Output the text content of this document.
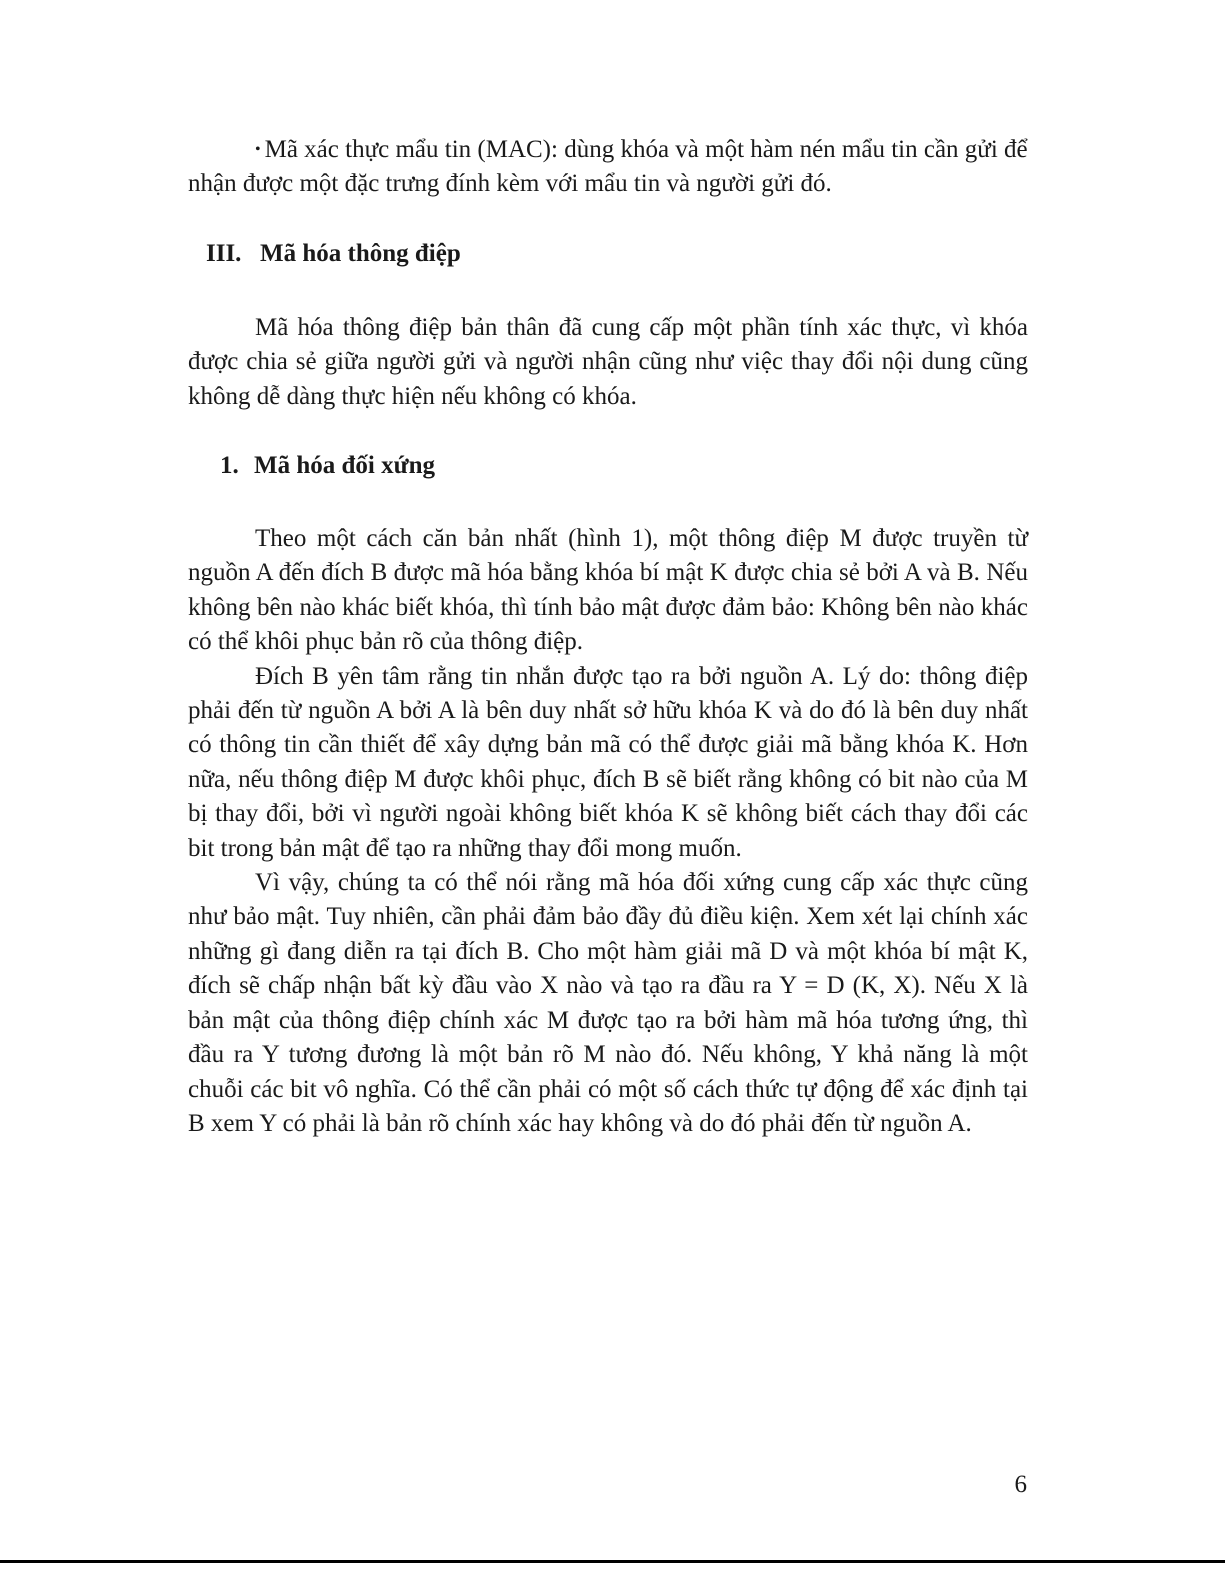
• Mã xác thực mẩu tin (MAC): dùng khóa và một hàm nén mẩu tin cần gửi để nhận được một đặc trưng đính kèm với mẩu tin và người gửi đó.

III. Mã hóa thông điệp

Mã hóa thông điệp bản thân đã cung cấp một phần tính xác thực, vì khóa được chia sẻ giữa người gửi và người nhận cũng như việc thay đổi nội dung cũng không dễ dàng thực hiện nếu không có khóa.

1. Mã hóa đối xứng

Theo một cách căn bản nhất (hình 1), một thông điệp M được truyền từ nguồn A đến đích B được mã hóa bằng khóa bí mật K được chia sẻ bởi A và B. Nếu không bên nào khác biết khóa, thì tính bảo mật được đảm bảo: Không bên nào khác có thể khôi phục bản rõ của thông điệp.

Đích B yên tâm rằng tin nhắn được tạo ra bởi nguồn A. Lý do: thông điệp phải đến từ nguồn A bởi A là bên duy nhất sở hữu khóa K và do đó là bên duy nhất có thông tin cần thiết để xây dựng bản mã có thể được giải mã bằng khóa K. Hơn nữa, nếu thông điệp M được khôi phục, đích B sẽ biết rằng không có bit nào của M bị thay đổi, bởi vì người ngoài không biết khóa K sẽ không biết cách thay đổi các bit trong bản mật để tạo ra những thay đổi mong muốn.

Vì vậy, chúng ta có thể nói rằng mã hóa đối xứng cung cấp xác thực cũng như bảo mật. Tuy nhiên, cần phải đảm bảo đầy đủ điều kiện. Xem xét lại chính xác những gì đang diễn ra tại đích B. Cho một hàm giải mã D và một khóa bí mật K, đích sẽ chấp nhận bất kỳ đầu vào X nào và tạo ra đầu ra Y = D (K, X). Nếu X là bản mật của thông điệp chính xác M được tạo ra bởi hàm mã hóa tương ứng, thì đầu ra Y tương đương là một bản rõ M nào đó. Nếu không, Y khả năng là một chuỗi các bit vô nghĩa. Có thể cần phải có một số cách thức tự động để xác định tại B xem Y có phải là bản rõ chính xác hay không và do đó phải đến từ nguồn A.

6
